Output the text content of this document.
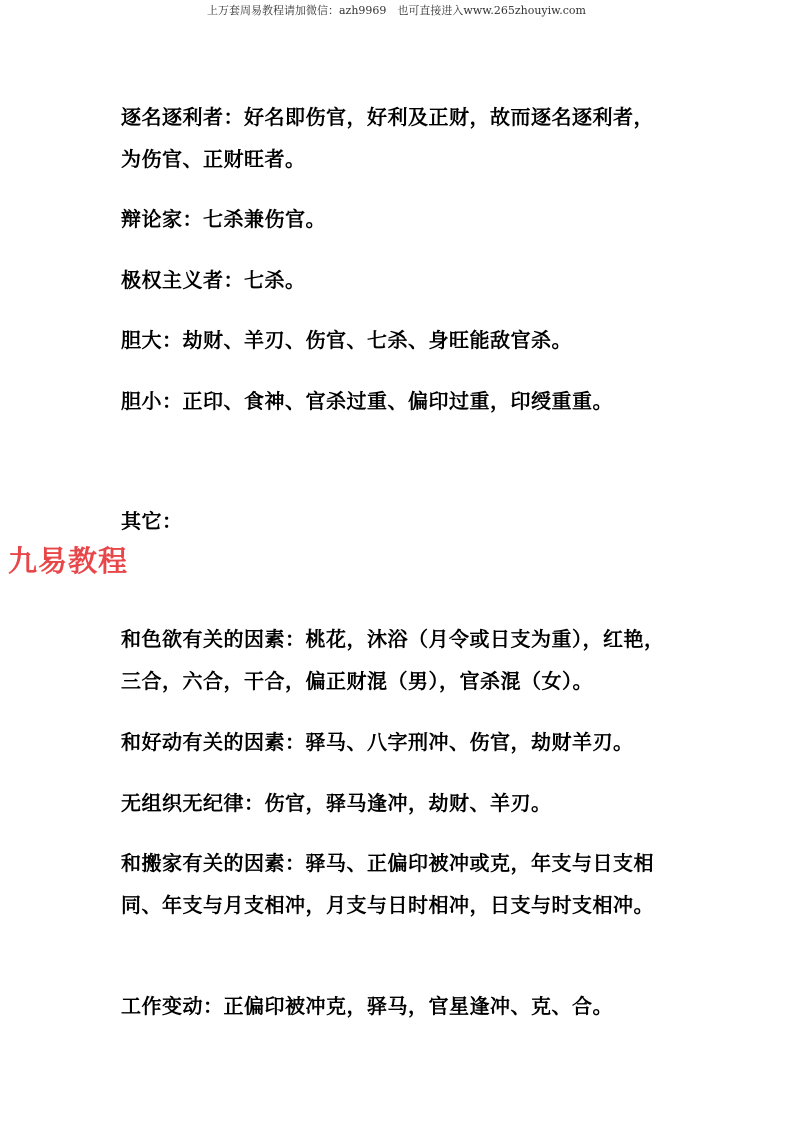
上万套周易教程请加微信：azh9969　也可直接进入www.265zhouyiw.com
逐名逐利者：好名即伤官，好利及正财，故而逐名逐利者，
为伤官、正财旺者。
辩论家：七杀兼伤官。
极权主义者：七杀。
胆大：劫财、羊刃、伤官、七杀、身旺能敌官杀。
胆小：正印、食神、官杀过重、偏印过重，印绶重重。
其它：
九易教程
和色欲有关的因素：桃花，沐浴（月令或日支为重），红艳，
三合，六合，干合，偏正财混（男），官杀混（女）。
和好动有关的因素：驿马、八字刑冲、伤官，劫财羊刃。
无组织无纪律：伤官，驿马逢冲，劫财、羊刃。
和搬家有关的因素：驿马、正偏印被冲或克，年支与日支相
同、年支与月支相冲，月支与日时相冲，日支与时支相冲。
工作变动：正偏印被冲克，驿马，官星逢冲、克、合。
